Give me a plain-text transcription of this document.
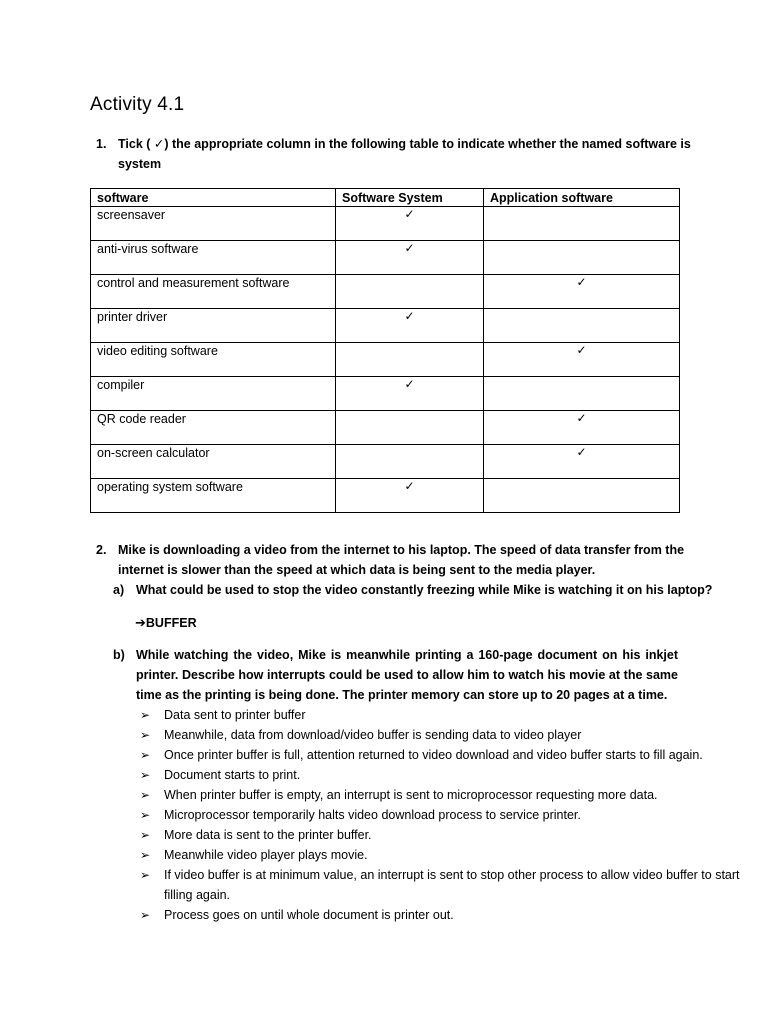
Activity 4.1
1. Tick ( ✓) the appropriate column in the following table to indicate whether the named software is system
software	Software System	Application software
screensaver	✓	
anti-virus software	✓	
control and measurement software		✓
printer driver	✓	
video editing software		✓
compiler	✓	
QR code reader		✓
on-screen calculator		✓
operating system software	✓	
2. Mike is downloading a video from the internet to his laptop. The speed of data transfer from the internet is slower than the speed at which data is being sent to the media player.
a) What could be used to stop the video constantly freezing while Mike is watching it on his laptop?
➔BUFFER
b) While watching the video, Mike is meanwhile printing a 160-page document on his inkjet printer. Describe how interrupts could be used to allow him to watch his movie at the same time as the printing is being done. The printer memory can store up to 20 pages at a time.
➢ Data sent to printer buffer
➢ Meanwhile, data from download/video buffer is sending data to video player
➢ Once printer buffer is full, attention returned to video download and video buffer starts to fill again.
➢ Document starts to print.
➢ When printer buffer is empty, an interrupt is sent to microprocessor requesting more data.
➢ Microprocessor temporarily halts video download process to service printer.
➢ More data is sent to the printer buffer.
➢ Meanwhile video player plays movie.
➢ If video buffer is at minimum value, an interrupt is sent to stop other process to allow video buffer to start filling again.
➢ Process goes on until whole document is printer out.
